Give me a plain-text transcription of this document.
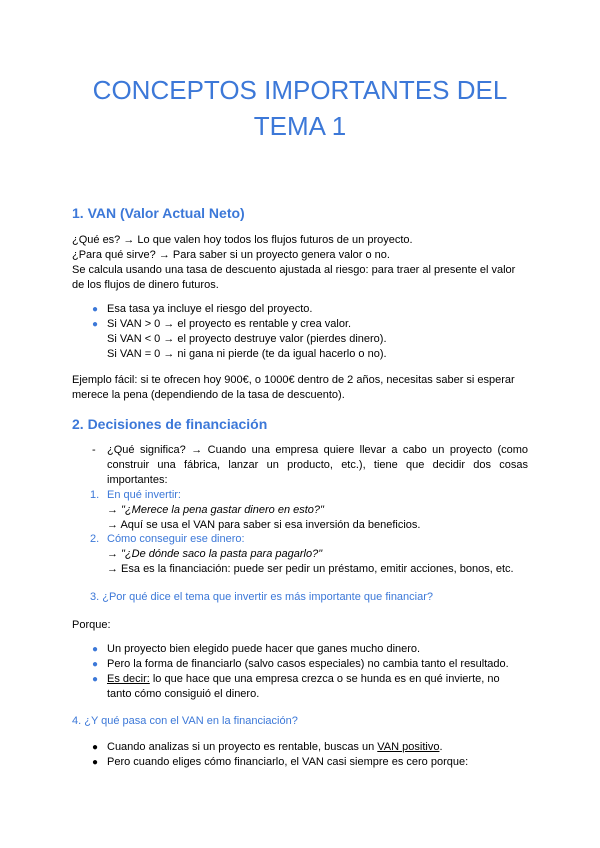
CONCEPTOS IMPORTANTES DEL TEMA 1
1. VAN (Valor Actual Neto)
¿Qué es? → Lo que valen hoy todos los flujos futuros de un proyecto.
¿Para qué sirve? → Para saber si un proyecto genera valor o no.
Se calcula usando una tasa de descuento ajustada al riesgo: para traer al presente el valor
de los flujos de dinero futuros.
● Esa tasa ya incluye el riesgo del proyecto.
● Si VAN > 0 → el proyecto es rentable y crea valor.
Si VAN < 0 → el proyecto destruye valor (pierdes dinero).
Si VAN = 0 → ni gana ni pierde (te da igual hacerlo o no).
Ejemplo fácil: si te ofrecen hoy 900€, o 1000€ dentro de 2 años, necesitas saber si esperar
merece la pena (dependiendo de la tasa de descuento).
2. Decisiones de financiación
- ¿Qué significa? → Cuando una empresa quiere llevar a cabo un proyecto (como construir una fábrica, lanzar un producto, etc.), tiene que decidir dos cosas importantes:
1. En qué invertir:
→ "¿Merece la pena gastar dinero en esto?"
→ Aquí se usa el VAN para saber si esa inversión da beneficios.
2. Cómo conseguir ese dinero:
→ "¿De dónde saco la pasta para pagarlo?"
→ Esa es la financiación: puede ser pedir un préstamo, emitir acciones, bonos, etc.
3. ¿Por qué dice el tema que invertir es más importante que financiar?
Porque:
● Un proyecto bien elegido puede hacer que ganes mucho dinero.
● Pero la forma de financiarlo (salvo casos especiales) no cambia tanto el resultado.
● Es decir: lo que hace que una empresa crezca o se hunda es en qué invierte, no
tanto cómo consiguió el dinero.
4. ¿Y qué pasa con el VAN en la financiación?
● Cuando analizas si un proyecto es rentable, buscas un VAN positivo.
● Pero cuando eliges cómo financiarlo, el VAN casi siempre es cero porque:
